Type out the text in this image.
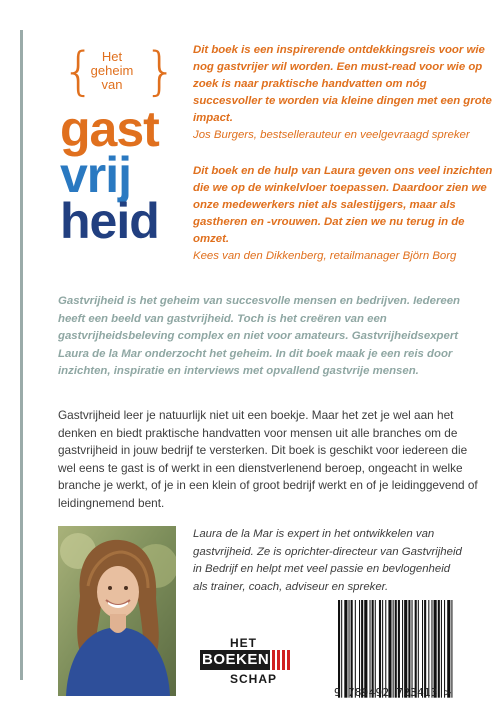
{ }
Het
geheim
van
gast
vrij
heid
Dit boek is een inspirerende ontdekkingsreis voor wie nog gastvrijer wil worden. Een must-read voor wie op zoek is naar praktische handvatten om nóg succesvoller te worden via kleine dingen met een grote impact.
Jos Burgers, bestsellerauteur en veelgevraagd spreker
Dit boek en de hulp van Laura geven ons veel inzichten die we op de winkelvloer toepassen. Daardoor zien we onze medewerkers niet als salestijgers, maar als gastheren en -vrouwen. Dat zien we nu terug in de omzet.
Kees van den Dikkenberg, retailmanager Björn Borg
Gastvrijheid is het geheim van succesvolle mensen en bedrijven. Iedereen heeft een beeld van gastvrijheid. Toch is het creëren van een gastvrijheidsbeleving complex en niet voor amateurs. Gastvrijheidsexpert Laura de la Mar onderzocht het geheim. In dit boek maak je een reis door inzichten, inspiratie en interviews met opvallend gastvrije mensen.
Gastvrijheid leer je natuurlijk niet uit een boekje. Maar het zet je wel aan het denken en biedt praktische handvatten voor mensen uit alle branches om de gastvrijheid in jouw bedrijf te versterken. Dit boek is geschikt voor iedereen die wel eens te gast is of werkt in een dienstverlenend beroep, ongeacht in welke branche je werkt, of je in een klein of groot bedrijf werkt en of je leidinggevend of leidingnemend bent.
Laura de la Mar is expert in het ontwikkelen van gastvrijheid. Ze is oprichter-directeur van Gastvrijheid in Bedrijf en helpt met veel passie en bevlogenheid als trainer, coach, adviseur en spreker.
HET
BOEKEN
SCHAP
9 789492 723413 >
